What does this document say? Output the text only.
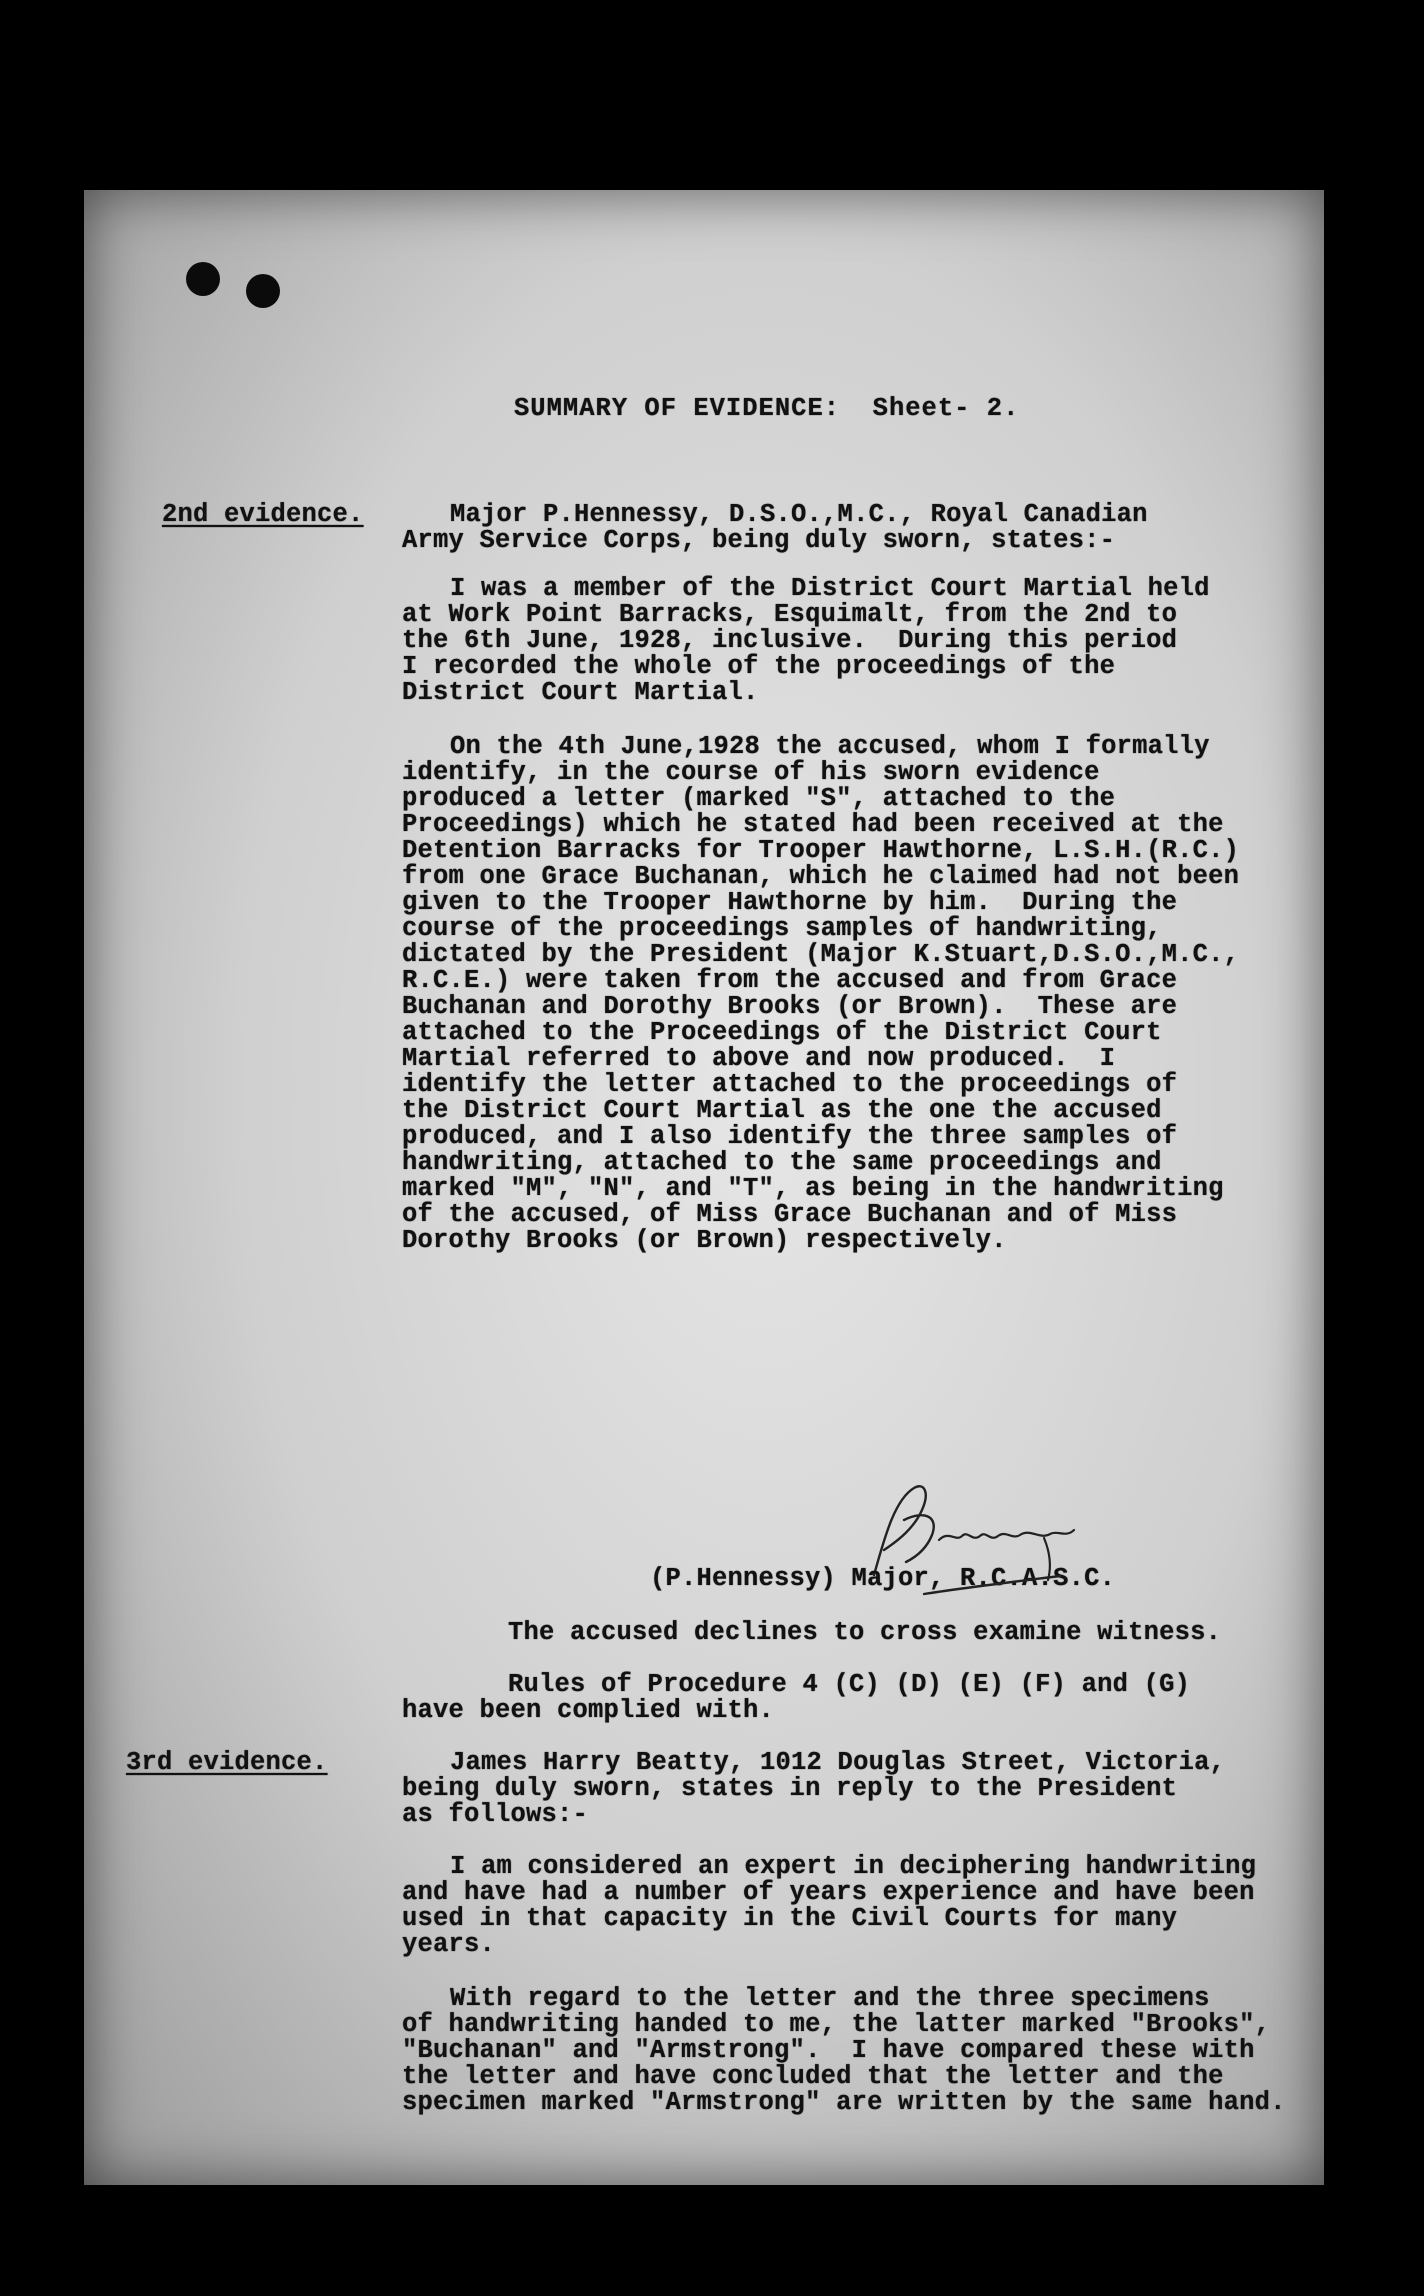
SUMMARY OF EVIDENCE:  Sheet- 2.
2nd evidence.	Major P.Hennessy, D.S.O.,M.C., Royal Canadian
Army Service Corps, being duly sworn, states:-
I was a member of the District Court Martial held
at Work Point Barracks, Esquimalt, from the 2nd to
the 6th June, 1928, inclusive.  During this period
I recorded the whole of the proceedings of the
District Court Martial.
On the 4th June,1928 the accused, whom I formally
identify, in the course of his sworn evidence
produced a letter (marked "S", attached to the
Proceedings) which he stated had been received at the
Detention Barracks for Trooper Hawthorne, L.S.H.(R.C.)
from one Grace Buchanan, which he claimed had not been
given to the Trooper Hawthorne by him.  During the
course of the proceedings samples of handwriting,
dictated by the President (Major K.Stuart,D.S.O.,M.C.,
R.C.E.) were taken from the accused and from Grace
Buchanan and Dorothy Brooks (or Brown).  These are
attached to the Proceedings of the District Court
Martial referred to above and now produced.  I
identify the letter attached to the proceedings of
the District Court Martial as the one the accused
produced, and I also identify the three samples of
handwriting, attached to the same proceedings and
marked "M", "N", and "T", as being in the handwriting
of the accused, of Miss Grace Buchanan and of Miss
Dorothy Brooks (or Brown) respectively.
(P.Hennessy) Major, R.C.A.S.C.
The accused declines to cross examine witness.
Rules of Procedure 4 (C) (D) (E) (F) and (G)
have been complied with.
3rd evidence.	James Harry Beatty, 1012 Douglas Street, Victoria,
being duly sworn, states in reply to the President
as follows:-
I am considered an expert in deciphering handwriting
and have had a number of years experience and have been
used in that capacity in the Civil Courts for many
years.
With regard to the letter and the three specimens
of handwriting handed to me, the latter marked "Brooks",
"Buchanan" and "Armstrong".  I have compared these with
the letter and have concluded that the letter and the
specimen marked "Armstrong" are written by the same hand.
